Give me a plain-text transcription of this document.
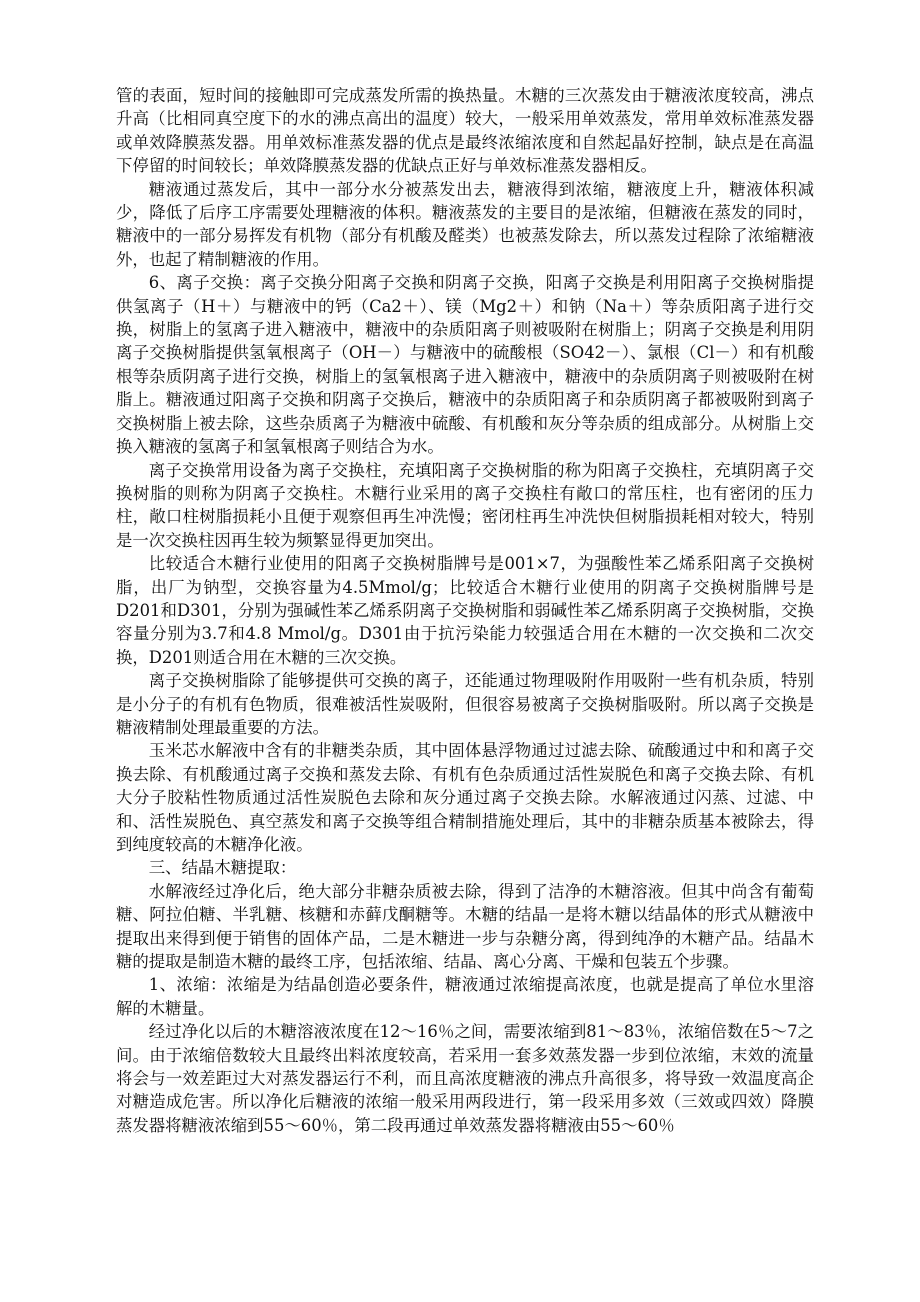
管的表面，短时间的接触即可完成蒸发所需的换热量。木糖的三次蒸发由于糖液浓度较高，沸点升高（比相同真空度下的水的沸点高出的温度）较大，一般采用单效蒸发，常用单效标准蒸发器或单效降膜蒸发器。用单效标准蒸发器的优点是最终浓缩浓度和自然起晶好控制，缺点是在高温下停留的时间较长；单效降膜蒸发器的优缺点正好与单效标准蒸发器相反。

糖液通过蒸发后，其中一部分水分被蒸发出去，糖液得到浓缩，糖液度上升，糖液体积减少，降低了后序工序需要处理糖液的体积。糖液蒸发的主要目的是浓缩，但糖液在蒸发的同时，糖液中的一部分易挥发有机物（部分有机酸及醛类）也被蒸发除去，所以蒸发过程除了浓缩糖液外，也起了精制糖液的作用。

6、离子交换：离子交换分阳离子交换和阴离子交换，阳离子交换是利用阳离子交换树脂提供氢离子（H＋）与糖液中的钙（Ca2＋）、镁（Mg2＋）和钠（Na＋）等杂质阳离子进行交换，树脂上的氢离子进入糖液中，糖液中的杂质阳离子则被吸附在树脂上；阴离子交换是利用阴离子交换树脂提供氢氧根离子（OH－）与糖液中的硫酸根（SO42－）、氯根（Cl－）和有机酸根等杂质阴离子进行交换，树脂上的氢氧根离子进入糖液中，糖液中的杂质阴离子则被吸附在树脂上。糖液通过阳离子交换和阴离子交换后，糖液中的杂质阳离子和杂质阴离子都被吸附到离子交换树脂上被去除，这些杂质离子为糖液中硫酸、有机酸和灰分等杂质的组成部分。从树脂上交换入糖液的氢离子和氢氧根离子则结合为水。

离子交换常用设备为离子交换柱，充填阳离子交换树脂的称为阳离子交换柱，充填阴离子交换树脂的则称为阴离子交换柱。木糖行业采用的离子交换柱有敞口的常压柱，也有密闭的压力柱，敞口柱树脂损耗小且便于观察但再生冲洗慢；密闭柱再生冲洗快但树脂损耗相对较大，特别是一次交换柱因再生较为频繁显得更加突出。

比较适合木糖行业使用的阳离子交换树脂牌号是001×7，为强酸性苯乙烯系阳离子交换树脂，出厂为钠型，交换容量为4.5Mmol/g；比较适合木糖行业使用的阴离子交换树脂牌号是D201和D301，分别为强碱性苯乙烯系阴离子交换树脂和弱碱性苯乙烯系阴离子交换树脂，交换容量分别为3.7和4.8 Mmol/g。D301由于抗污染能力较强适合用在木糖的一次交换和二次交换，D201则适合用在木糖的三次交换。

离子交换树脂除了能够提供可交换的离子，还能通过物理吸附作用吸附一些有机杂质，特别是小分子的有机有色物质，很难被活性炭吸附，但很容易被离子交换树脂吸附。所以离子交换是糖液精制处理最重要的方法。

玉米芯水解液中含有的非糖类杂质，其中固体悬浮物通过过滤去除、硫酸通过中和和离子交换去除、有机酸通过离子交换和蒸发去除、有机有色杂质通过活性炭脱色和离子交换去除、有机大分子胶粘性物质通过活性炭脱色去除和灰分通过离子交换去除。水解液通过闪蒸、过滤、中和、活性炭脱色、真空蒸发和离子交换等组合精制措施处理后，其中的非糖杂质基本被除去，得到纯度较高的木糖净化液。

三、结晶木糖提取：

水解液经过净化后，绝大部分非糖杂质被去除，得到了洁净的木糖溶液。但其中尚含有葡萄糖、阿拉伯糖、半乳糖、核糖和赤藓戊酮糖等。木糖的结晶一是将木糖以结晶体的形式从糖液中提取出来得到便于销售的固体产品，二是木糖进一步与杂糖分离，得到纯净的木糖产品。结晶木糖的提取是制造木糖的最终工序，包括浓缩、结晶、离心分离、干燥和包装五个步骤。

1、浓缩：浓缩是为结晶创造必要条件，糖液通过浓缩提高浓度，也就是提高了单位水里溶解的木糖量。

经过净化以后的木糖溶液浓度在12～16％之间，需要浓缩到81～83％，浓缩倍数在5～7之间。由于浓缩倍数较大且最终出料浓度较高，若采用一套多效蒸发器一步到位浓缩，末效的流量将会与一效差距过大对蒸发器运行不利，而且高浓度糖液的沸点升高很多，将导致一效温度高企对糖造成危害。所以净化后糖液的浓缩一般采用两段进行，第一段采用多效（三效或四效）降膜蒸发器将糖液浓缩到55～60％，第二段再通过单效蒸发器将糖液由55～60％
